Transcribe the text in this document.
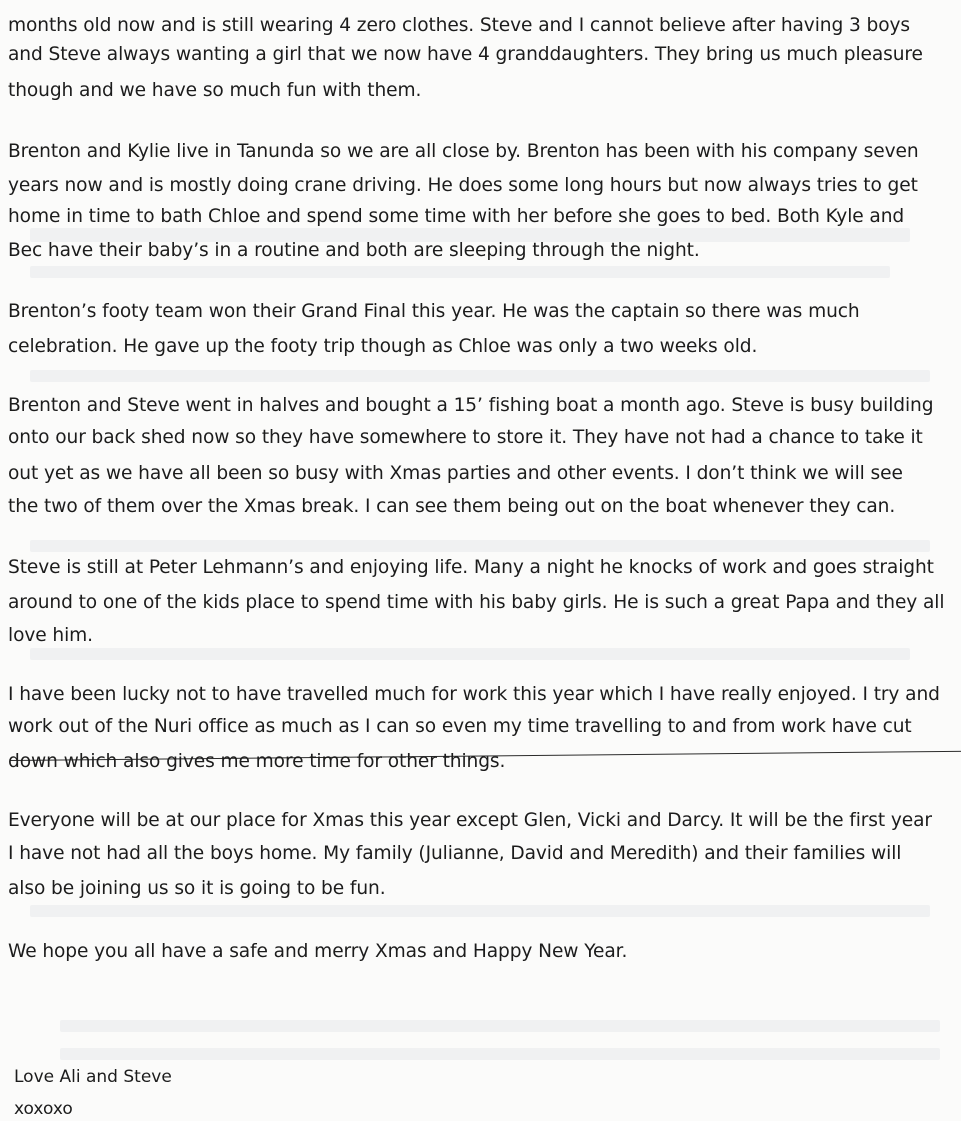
months old now and is still wearing 4 zero clothes. Steve and I cannot believe after having 3 boys
and Steve always wanting a girl that we now have 4 granddaughters. They bring us much pleasure
though and we have so much fun with them.
Brenton and Kylie live in Tanunda so we are all close by. Brenton has been with his company seven
years now and is mostly doing crane driving. He does some long hours but now always tries to get
home in time to bath Chloe and spend some time with her before she goes to bed. Both Kyle and
Bec have their baby’s in a routine and both are sleeping through the night.
Brenton’s footy team won their Grand Final this year. He was the captain so there was much
celebration. He gave up the footy trip though as Chloe was only a two weeks old.
Brenton and Steve went in halves and bought a 15’ fishing boat a month ago. Steve is busy building
onto our back shed now so they have somewhere to store it. They have not had a chance to take it
out yet as we have all been so busy with Xmas parties and other events. I don’t think we will see
the two of them over the Xmas break. I can see them being out on the boat whenever they can.
Steve is still at Peter Lehmann’s and enjoying life. Many a night he knocks of work and goes straight
around to one of the kids place to spend time with his baby girls. He is such a great Papa and they all
love him.
I have been lucky not to have travelled much for work this year which I have really enjoyed. I try and
work out of the Nuri office as much as I can so even my time travelling to and from work have cut
down which also gives me more time for other things.
Everyone will be at our place for Xmas this year except Glen, Vicki and Darcy. It will be the first year
I have not had all the boys home. My family (Julianne, David and Meredith) and their families will
also be joining us so it is going to be fun.
We hope you all have a safe and merry Xmas and Happy New Year.
Love Ali and Steve
xoxoxo
